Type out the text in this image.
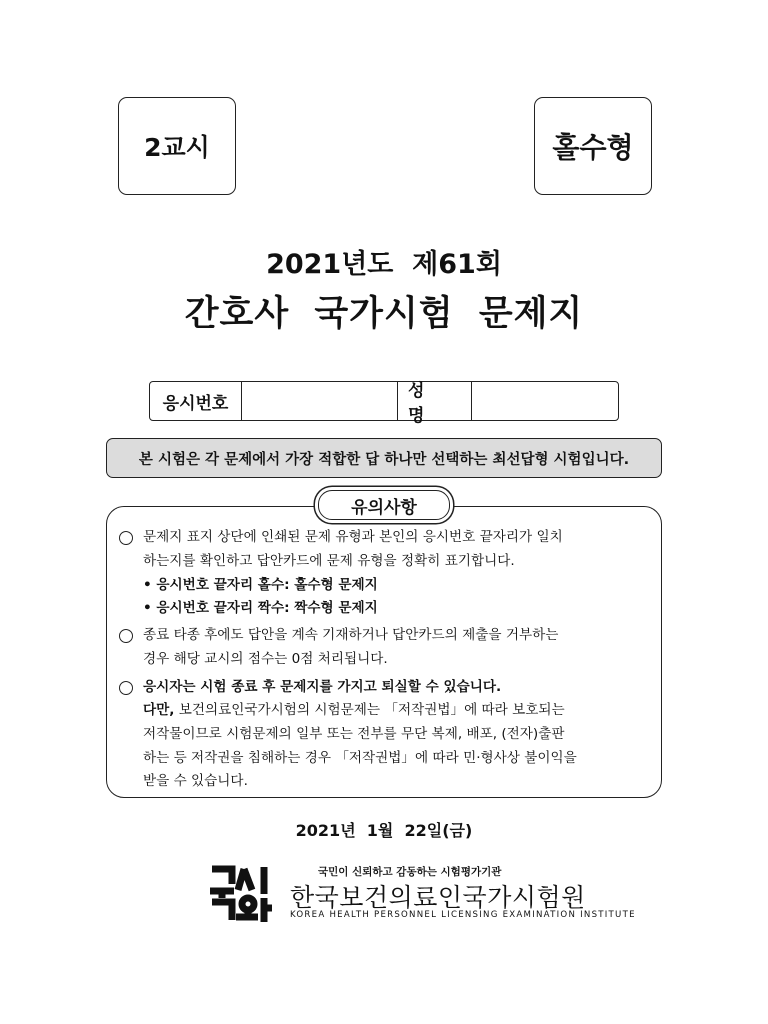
2교시	홀수형
2021년도  제61회
간호사 국가시험 문제지
응시번호
성 명
본 시험은 각 문제에서 가장 적합한 답 하나만 선택하는 최선답형 시험입니다.
유의사항
문제지 표지 상단에 인쇄된 문제 유형과 본인의 응시번호 끝자리가 일치
하는지를 확인하고 답안카드에 문제 유형을 정확히 표기합니다.
• 응시번호 끝자리 홀수: 홀수형 문제지
• 응시번호 끝자리 짝수: 짝수형 문제지
종료 타종 후에도 답안을 계속 기재하거나 답안카드의 제출을 거부하는
경우 해당 교시의 점수는 0점 처리됩니다.
응시자는 시험 종료 후 문제지를 가지고 퇴실할 수 있습니다.
다만, 보건의료인국가시험의 시험문제는 「저작권법」에 따라 보호되는
저작물이므로 시험문제의 일부 또는 전부를 무단 복제, 배포, (전자)출판
하는 등 저작권을 침해하는 경우 「저작권법」에 따라 민·형사상 불이익을
받을 수 있습니다.
2021년  1월  22일(금)
국민이 신뢰하고 감동하는 시험평가기관
한국보건의료인국가시험원
KOREA HEALTH PERSONNEL LICENSING EXAMINATION INSTITUTE
